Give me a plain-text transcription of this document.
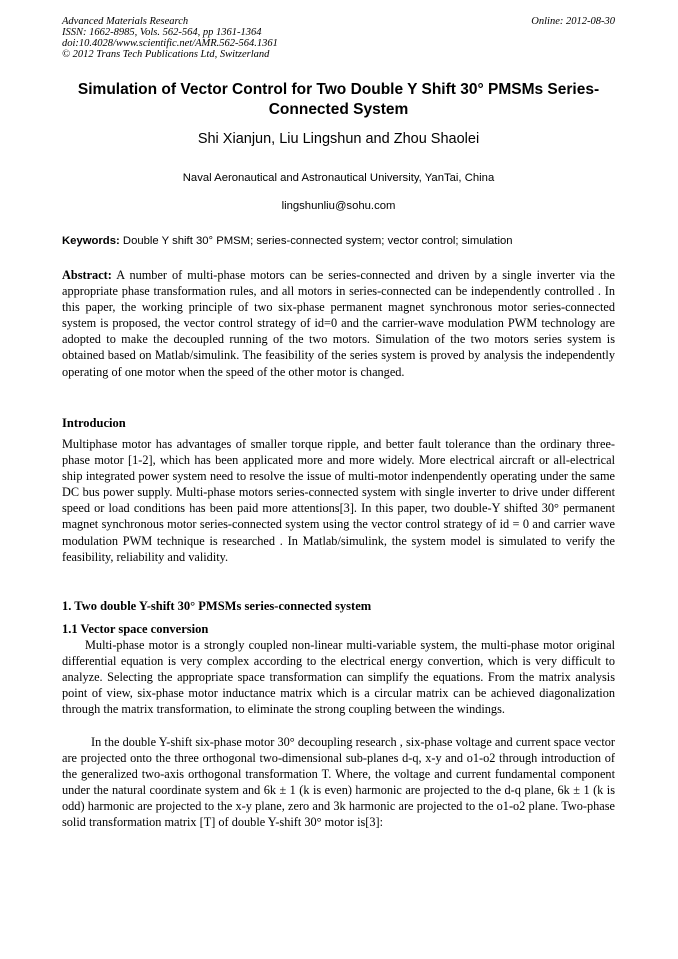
Advanced Materials Research
ISSN: 1662-8985, Vols. 562-564, pp 1361-1364
doi:10.4028/www.scientific.net/AMR.562-564.1361
© 2012 Trans Tech Publications Ltd, Switzerland
Online: 2012-08-30
Simulation of Vector Control for Two Double Y Shift 30° PMSMs Series-Connected System
Shi Xianjun, Liu Lingshun and Zhou Shaolei
Naval Aeronautical and Astronautical University, YanTai, China
lingshunliu@sohu.com
Keywords: Double Y shift 30° PMSM; series-connected system; vector control; simulation
Abstract: A number of multi-phase motors can be series-connected and driven by a single inverter via the appropriate phase transformation rules, and all motors in series-connected can be independently controlled . In this paper, the working principle of two six-phase permanent magnet synchronous motor series-connected system is proposed, the vector control strategy of id=0 and the carrier-wave modulation PWM technology are adopted to make the decoupled running of the two motors. Simulation of the two motors series system is obtained based on Matlab/simulink. The feasibility of the series system is proved by analysis the independently operating of one motor when the speed of the other motor is changed.
Introducion
Multiphase motor has advantages of smaller torque ripple, and better fault tolerance than the ordinary three-phase motor [1-2], which has been applicated more and more widely. More electrical aircraft or all-electrical ship integrated power system need to resolve the issue of multi-motor indenpendently operating under the same DC bus power supply. Multi-phase motors series-connected system with single inverter to drive under different speed or load conditions has been paid more attentions[3]. In this paper, two double-Y shifted 30° permanent magnet synchronous motor series-connected system using the vector control strategy of id = 0 and carrier wave modulation PWM technique is researched . In Matlab/simulink, the system model is simulated to verify the feasibility, reliability and validity.
1. Two double Y-shift 30° PMSMs series-connected system
1.1 Vector space conversion
Multi-phase motor is a strongly coupled non-linear multi-variable system, the multi-phase motor original differential equation is very complex according to the electrical energy convertion, which is very difficult to analyze. Selecting the appropriate space transformation can simplify the equations. From the matrix analysis point of view, six-phase motor inductance matrix which is a circular matrix can be achieved diagonalization through the matrix transformation, to eliminate the strong coupling between the windings.
In the double Y-shift six-phase motor 30° decoupling research , six-phase voltage and current space vector are projected onto the three orthogonal two-dimensional sub-planes d-q, x-y and o1-o2 through introduction of the generalized two-axis orthogonal transformation T. Where, the voltage and current fundamental component under the natural coordinate system and 6k ± 1 (k is even) harmonic are projected to the d-q plane, 6k ± 1 (k is odd) harmonic are projected to the x-y plane, zero and 3k harmonic are projected to the o1-o2 plane. Two-phase solid transformation matrix [T] of double Y-shift 30° motor is[3]:
